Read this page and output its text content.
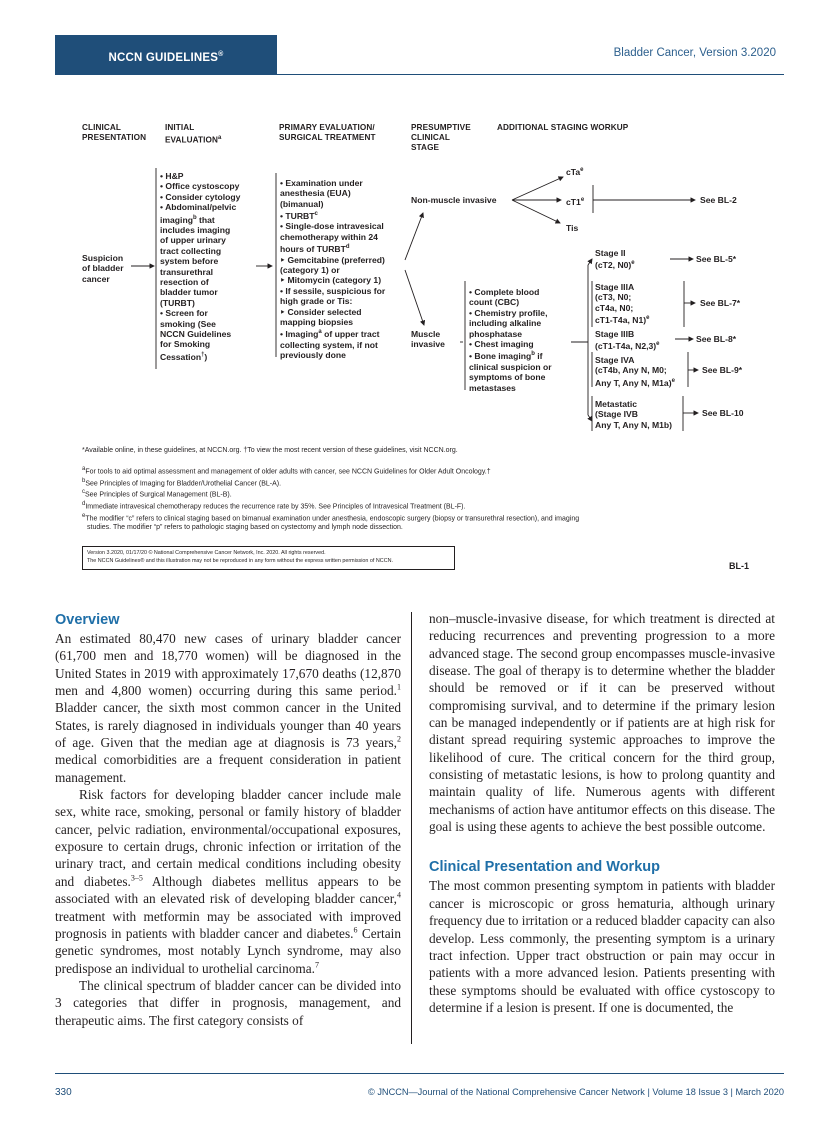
NCCN GUIDELINES®	Bladder Cancer, Version 3.2020
CLINICAL
PRESENTATION
INITIAL
EVALUATION$^a$
PRIMARY EVALUATION/
SURGICAL TREATMENT
PRESUMPTIVE
CLINICAL
STAGE
ADDITIONAL STAGING WORKUP
Suspicion
of bladder
cancer
• H&P
• Office cystoscopy
• Consider cytology
• Abdominal/pelvic
imaging$^b$ that
includes imaging
of upper urinary
tract collecting
system before
transurethral
resection of
bladder tumor
(TURBT)
• Screen for
smoking (See
NCCN Guidelines
for Smoking
Cessation†)
• Examination under
anesthesia (EUA)
(bimanual)
• TURBT$^c$
• Single-dose intravesical
chemotherapy within 24
hours of TURBT$^d$
‣ Gemcitabine (preferred)
(category 1) or
‣ Mitomycin (category 1)
• If sessile, suspicious for
high grade or Tis:
‣ Consider selected
mapping biopsies
• Imaging$^a$ of upper tract
collecting system, if not
previously done
Non-muscle invasive
Muscle
invasive
cTa$^e$
cT1e
Tis
See BL-2
• Complete blood
count (CBC)
• Chemistry profile,
including alkaline
phosphatase
• Chest imaging
• Bone imaging$^b$ if
clinical suspicion or
symptoms of bone
metastases
Stage II
(cT2, N0)$^e$	See BL-5*
Stage IIIA
(cT3, N0;
cT4a, N0;
cT1-T4a, N1)$^e$
See BL-7*
Stage IIIB
(cT1-T4a, N2,3)$^e$
See BL-8*
Stage IVA
(cT4b, Any N, M0;
Any T, Any N, M1a)$^e$
See BL-9*
Metastatic
(Stage IVB
Any T, Any N, M1b)
See BL-10
*Available online, in these guidelines, at NCCN.org. †To view the most recent version of these guidelines, visit NCCN.org.
$^a$For tools to aid optimal assessment and management of older adults with cancer, see NCCN Guidelines for Older Adult Oncology.†
$^b$See Principles of Imaging for Bladder/Urothelial Cancer (BL-A).
$^c$See Principles of Surgical Management (BL-B).
$^d$Immediate intravesical chemotherapy reduces the recurrence rate by 35%. See Principles of Intravesical Treatment (BL-F).
$^e$The modifier “c” refers to clinical staging based on bimanual examination under anesthesia, endoscopic surgery (biopsy or transurethral resection), and imaging
studies. The modifier “p” refers to pathologic staging based on cystectomy and lymph node dissection.
Version 3.2020, 01/17/20 © National Comprehensive Cancer Network, Inc. 2020. All rights reserved.
The NCCN Guidelines® and this illustration may not be reproduced in any form without the express written permission of NCCN.
BL-1
Overview

An estimated 80,470 new cases of urinary bladder cancer (61,700 men and 18,770 women) will be diagnosed in the United States in 2019 with approximately 17,670 deaths (12,870 men and 4,800 women) occurring during this same period.$^1$ Bladder cancer, the sixth most common cancer in the United States, is rarely diagnosed in individuals younger than 40 years of age. Given that the median age at diagnosis is 73 years,$^2$ medical comorbidities are a frequent consideration in patient management.

Risk factors for developing bladder cancer include male sex, white race, smoking, personal or family history of bladder cancer, pelvic radiation, environmental/occupational exposures, exposure to certain drugs, chronic infection or irritation of the urinary tract, and certain medical conditions including obesity and diabetes.$^{3-5}$ Although diabetes mellitus appears to be associated with an elevated risk of developing bladder cancer,$^4$ treatment with metformin may be associated with improved prognosis in patients with bladder cancer and diabetes.$^6$ Certain genetic syndromes, most notably Lynch syndrome, may also predispose an individual to urothelial carcinoma.$^7$

The clinical spectrum of bladder cancer can be divided into 3 categories that differ in prognosis, management, and therapeutic aims. The first category consists of

non–muscle-invasive disease, for which treatment is directed at reducing recurrences and preventing progression to a more advanced stage. The second group encompasses muscle-invasive disease. The goal of therapy is to determine whether the bladder should be removed or if it can be preserved without compromising survival, and to determine if the primary lesion can be managed independently or if patients are at high risk for distant spread requiring systemic approaches to improve the likelihood of cure. The critical concern for the third group, consisting of metastatic lesions, is how to prolong quantity and maintain quality of life. Numerous agents with different mechanisms of action have antitumor effects on this disease. The goal is using these agents to achieve the best possible outcome.

Clinical Presentation and Workup

The most common presenting symptom in patients with bladder cancer is microscopic or gross hematuria, although urinary frequency due to irritation or a reduced bladder capacity can also develop. Less commonly, the presenting symptom is a urinary tract infection. Upper tract obstruction or pain may occur in patients with a more advanced lesion. Patients presenting with these symptoms should be evaluated with office cystoscopy to determine if a lesion is present. If one is documented, the

330	© JNCCN—Journal of the National Comprehensive Cancer Network | Volume 18 Issue 3 | March 2020
